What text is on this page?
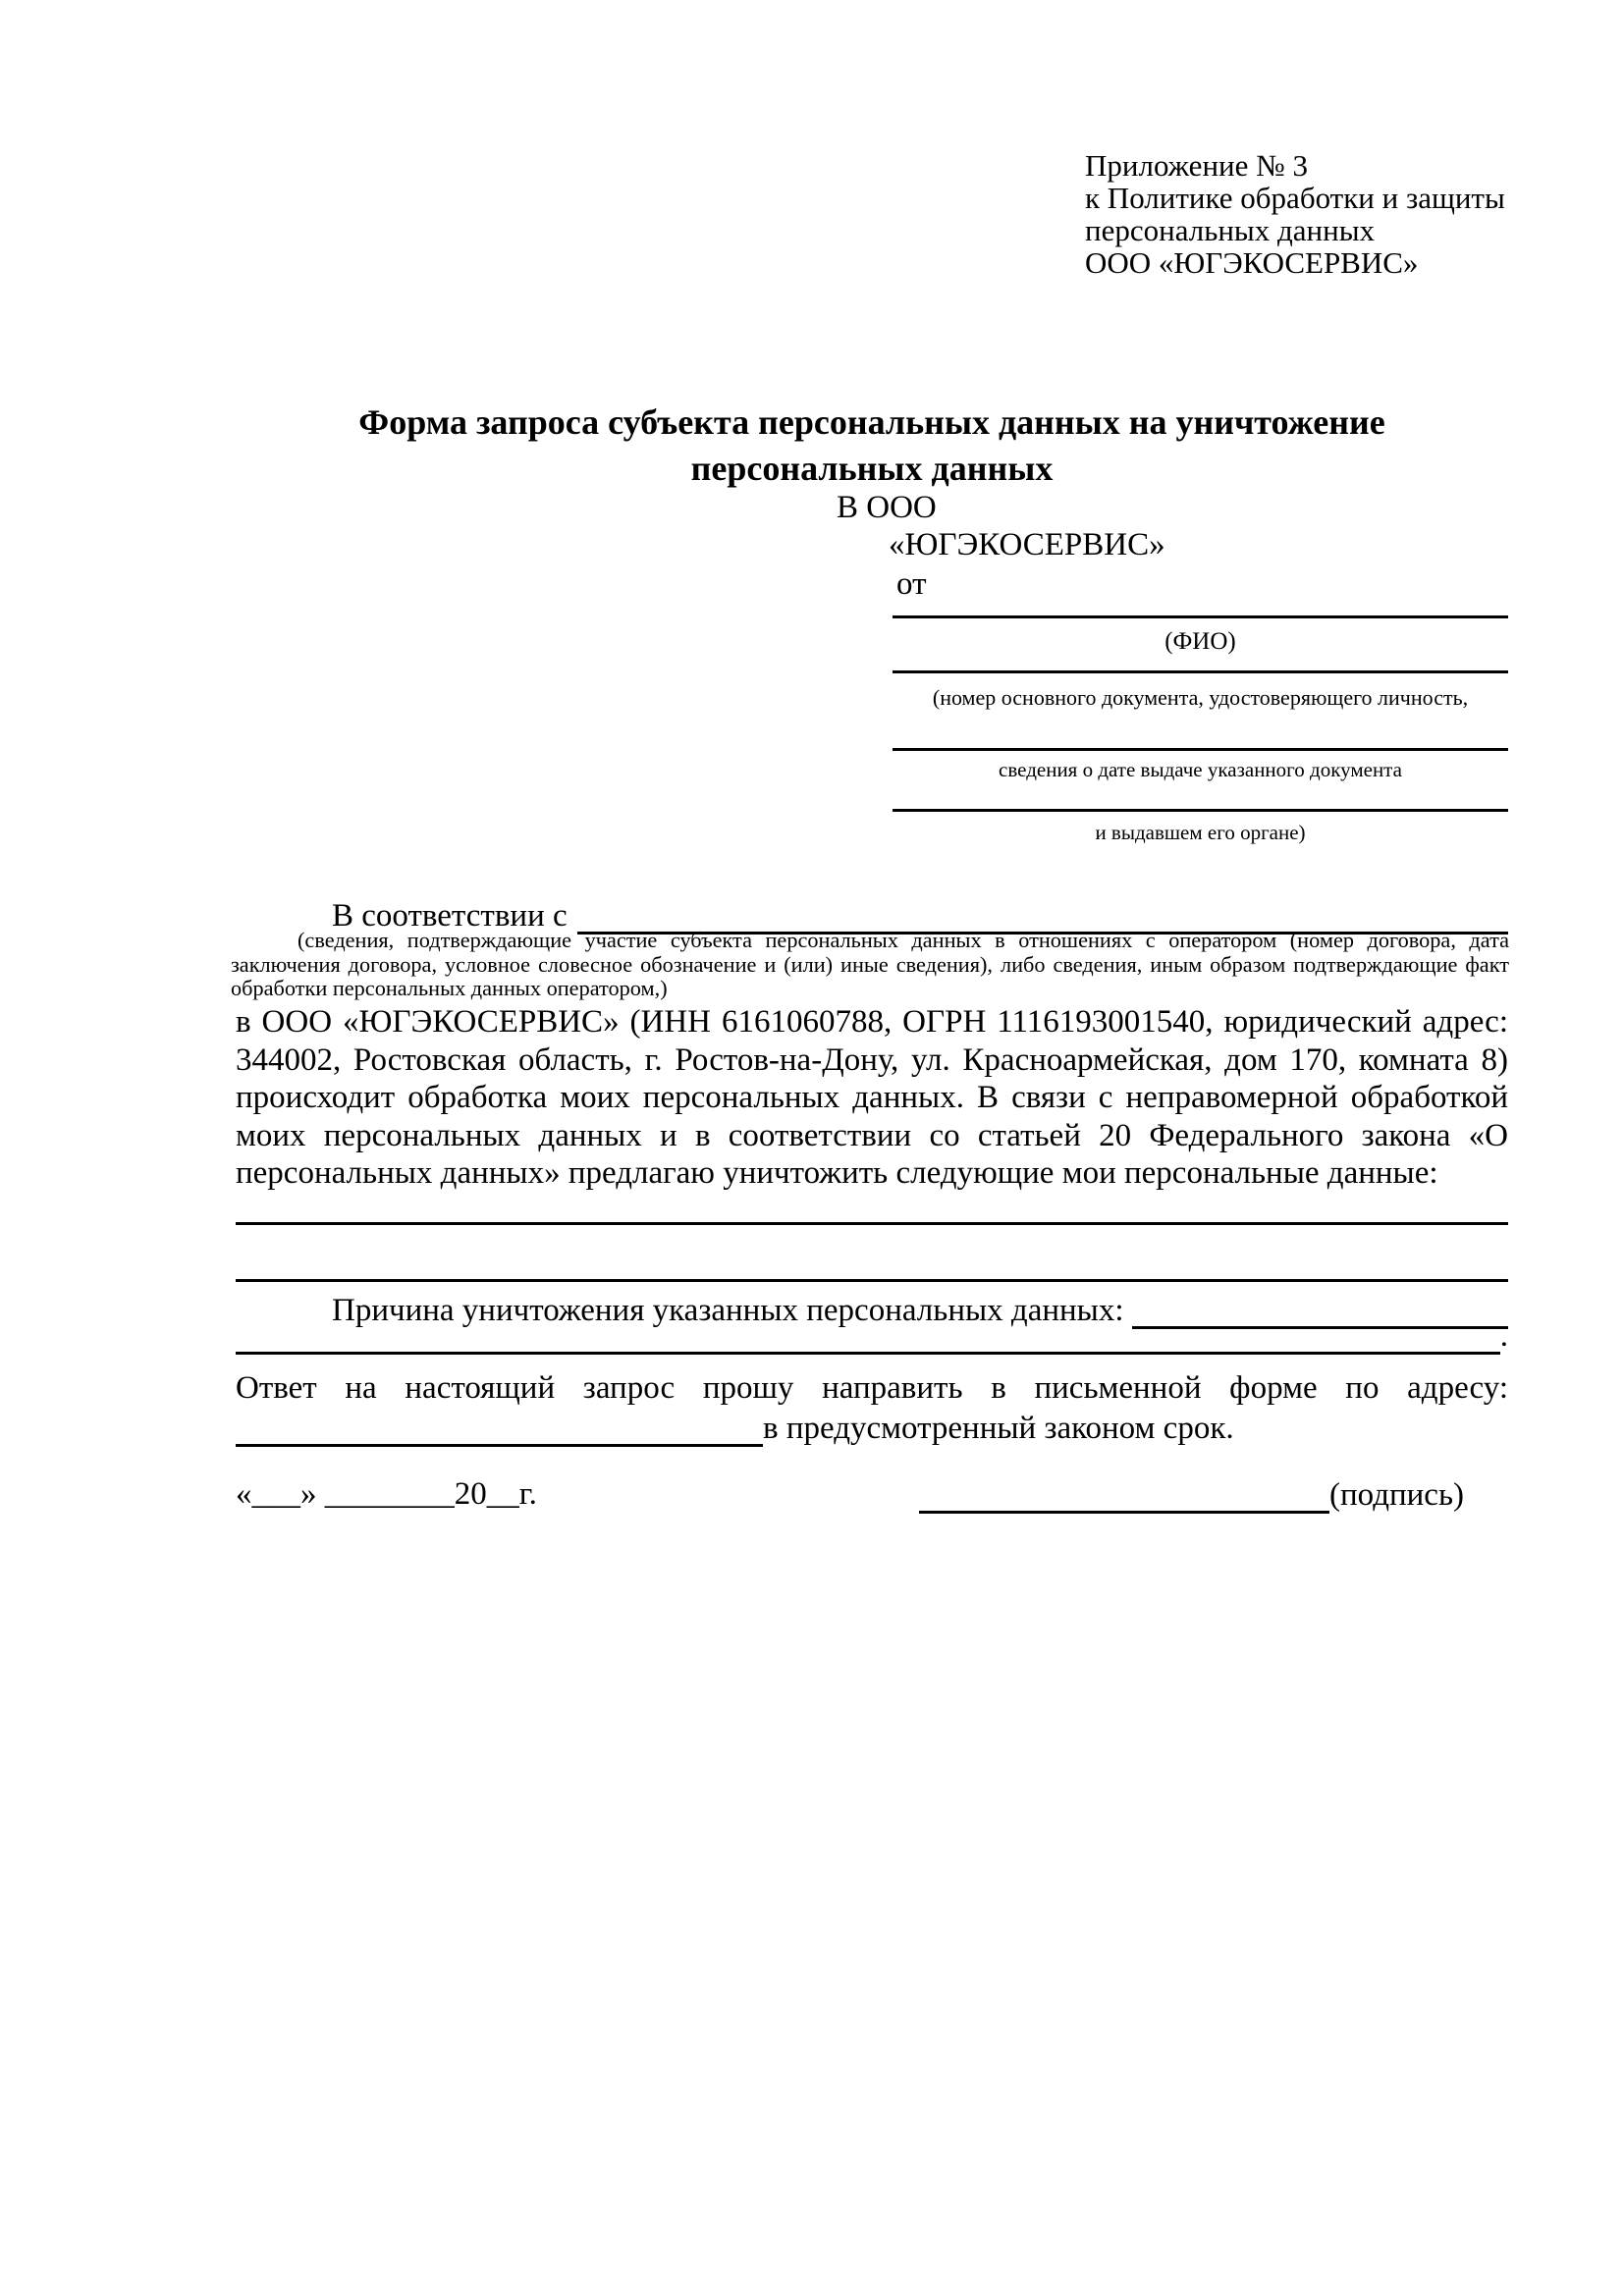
Приложение № 3
к Политике обработки и защиты
персональных данных
ООО «ЮГЭКОСЕРВИС»
Форма запроса субъекта персональных данных на уничтожение персональных данных
В ООО
«ЮГЭКОСЕРВИС»
от
(ФИО)
(номер основного документа, удостоверяющего личность,
сведения о дате выдаче указанного документа
и выдавшем его органе)
В соответствии с
(сведения, подтверждающие участие субъекта персональных данных в отношениях с оператором (номер договора, дата заключения договора, условное словесное обозначение и (или) иные сведения), либо сведения, иным образом подтверждающие факт обработки персональных данных оператором,)
в ООО «ЮГЭКОСЕРВИС» (ИНН 6161060788, ОГРН 1116193001540, юридический адрес: 344002, Ростовская область, г. Ростов-на-Дону, ул. Красноармейская, дом 170, комната 8) происходит обработка моих персональных данных. В связи с неправомерной обработкой моих персональных данных и в соответствии со статьей 20 Федерального закона «О персональных данных» предлагаю уничтожить следующие мои персональные данные:
Причина уничтожения указанных персональных данных:
.
Ответ на настоящий запрос прошу направить в письменной форме по адресу:
в предусмотренный законом срок.
«___» ________20__г.	(подпись)
